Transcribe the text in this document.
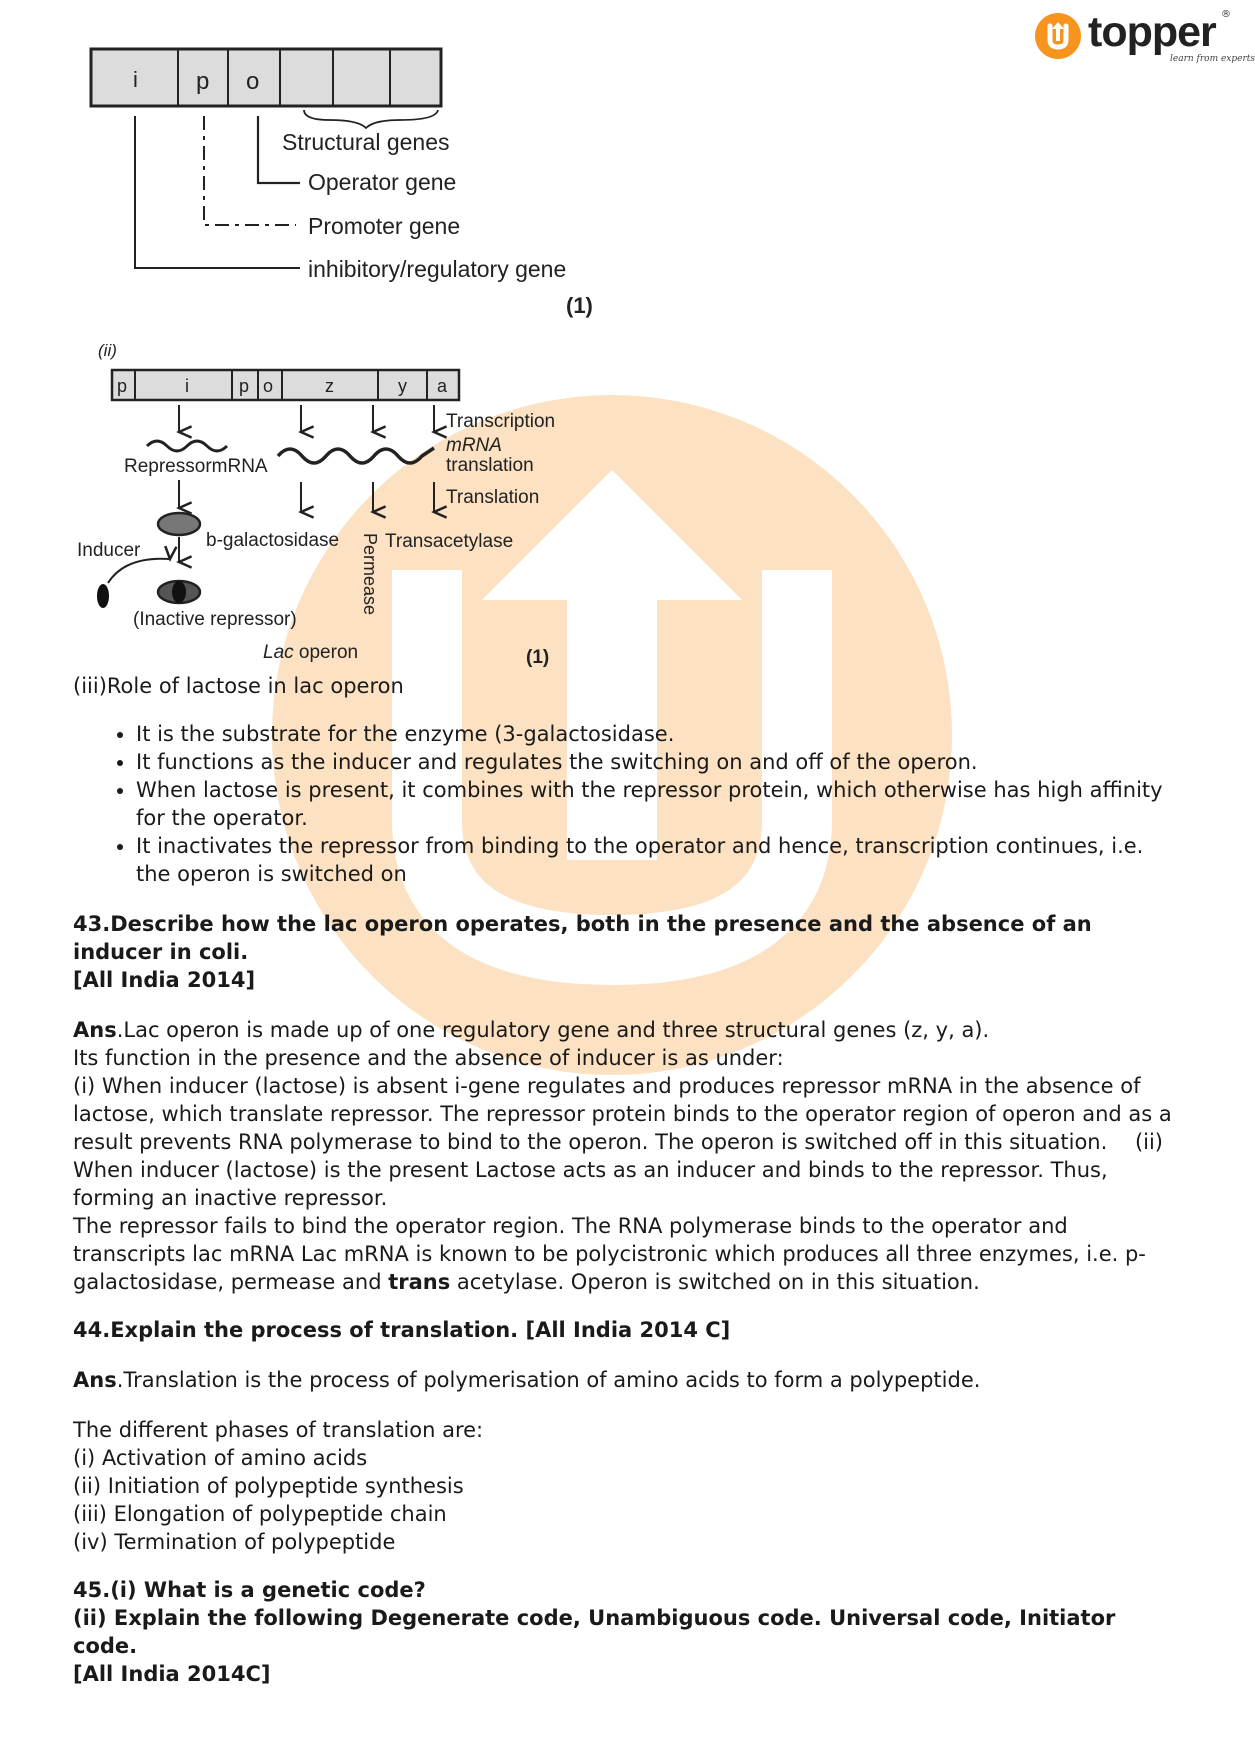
topper ®
learn from experts
i p o
Structural genes
Operator gene
Promoter gene
inhibitory/regulatory gene
(1)
(ii)
p	i	p o	z	y a
Transcription
RepressormRNA
mRNA
translation
Translation
b-galactosidase Transacetylase
Permease
Inducer
(Inactive repressor)
Lac operon	(1)

(iii)Role of lactose in lac operon

• It is the substrate for the enzyme (3-galactosidase.
• It functions as the inducer and regulates the switching on and off of the operon.
• When lactose is present, it combines with the repressor protein, which otherwise has high affinity for the operator.
• It inactivates the repressor from binding to the operator and hence, transcription continues, i.e. the operon is switched on

43.Describe how the lac operon operates, both in the presence and the absence of an inducer in coli.

[All India 2014]

Ans.Lac operon is made up of one regulatory gene and three structural genes (z, y, a).

Its function in the presence and the absence of inducer is as under:

(i) When inducer (lactose) is absent i-gene regulates and produces repressor mRNA in the absence of lactose, which translate repressor. The repressor protein binds to the operator region of operon and as a result prevents RNA polymerase to bind to the operon. The operon is switched off in this situation.  (ii) When inducer (lactose) is the present Lactose acts as an inducer and binds to the repressor. Thus, forming an inactive repressor.

The repressor fails to bind the operator region. The RNA polymerase binds to the operator and transcripts lac mRNA Lac mRNA is known to be polycistronic which produces all three enzymes, i.e. p-galactosidase, permease and trans acetylase. Operon is switched on in this situation.

44.Explain the process of translation. [All India 2014 C]

Ans.Translation is the process of polymerisation of amino acids to form a polypeptide.

The different phases of translation are:

(i) Activation of amino acids

(ii) Initiation of polypeptide synthesis

(iii) Elongation of polypeptide chain

(iv) Termination of polypeptide

45.(i) What is a genetic code?

(ii) Explain the following Degenerate code, Unambiguous code. Universal code, Initiator code.

[All India 2014C]
